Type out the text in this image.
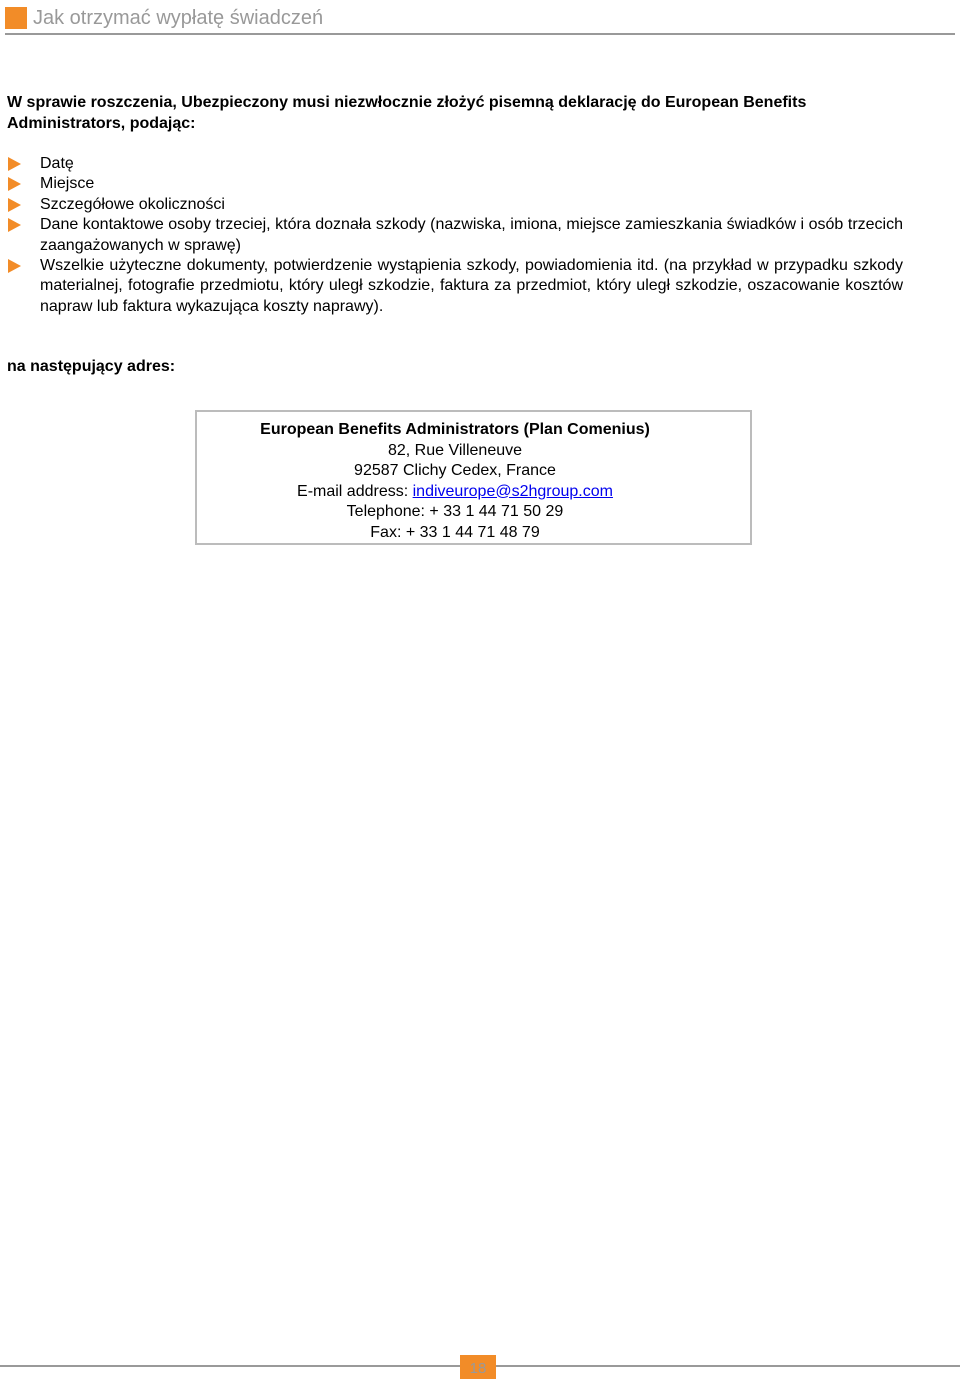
Jak otrzymać wypłatę świadczeń

W sprawie roszczenia, Ubezpieczony musi niezwłocznie złożyć pisemną deklarację do European Benefits Administrators, podając:

Datę
Miejsce
Szczegółowe okoliczności
Dane kontaktowe osoby trzeciej, która doznała szkody (nazwiska, imiona, miejsce zamieszkania świadków i osób trzecich zaangażowanych w sprawę)
Wszelkie użyteczne dokumenty, potwierdzenie wystąpienia szkody, powiadomienia itd. (na przykład w przypadku szkody materialnej, fotografie przedmiotu, który uległ szkodzie, faktura za przedmiot, który uległ szkodzie, oszacowanie kosztów napraw lub faktura wykazująca koszty naprawy).

na następujący adres:

European Benefits Administrators (Plan Comenius)
82, Rue Villeneuve
92587 Clichy Cedex, France
E-mail address: indiveurope@s2hgroup.com
Telephone: + 33 1 44 71 50 29
Fax: + 33 1 44 71 48 79
18
